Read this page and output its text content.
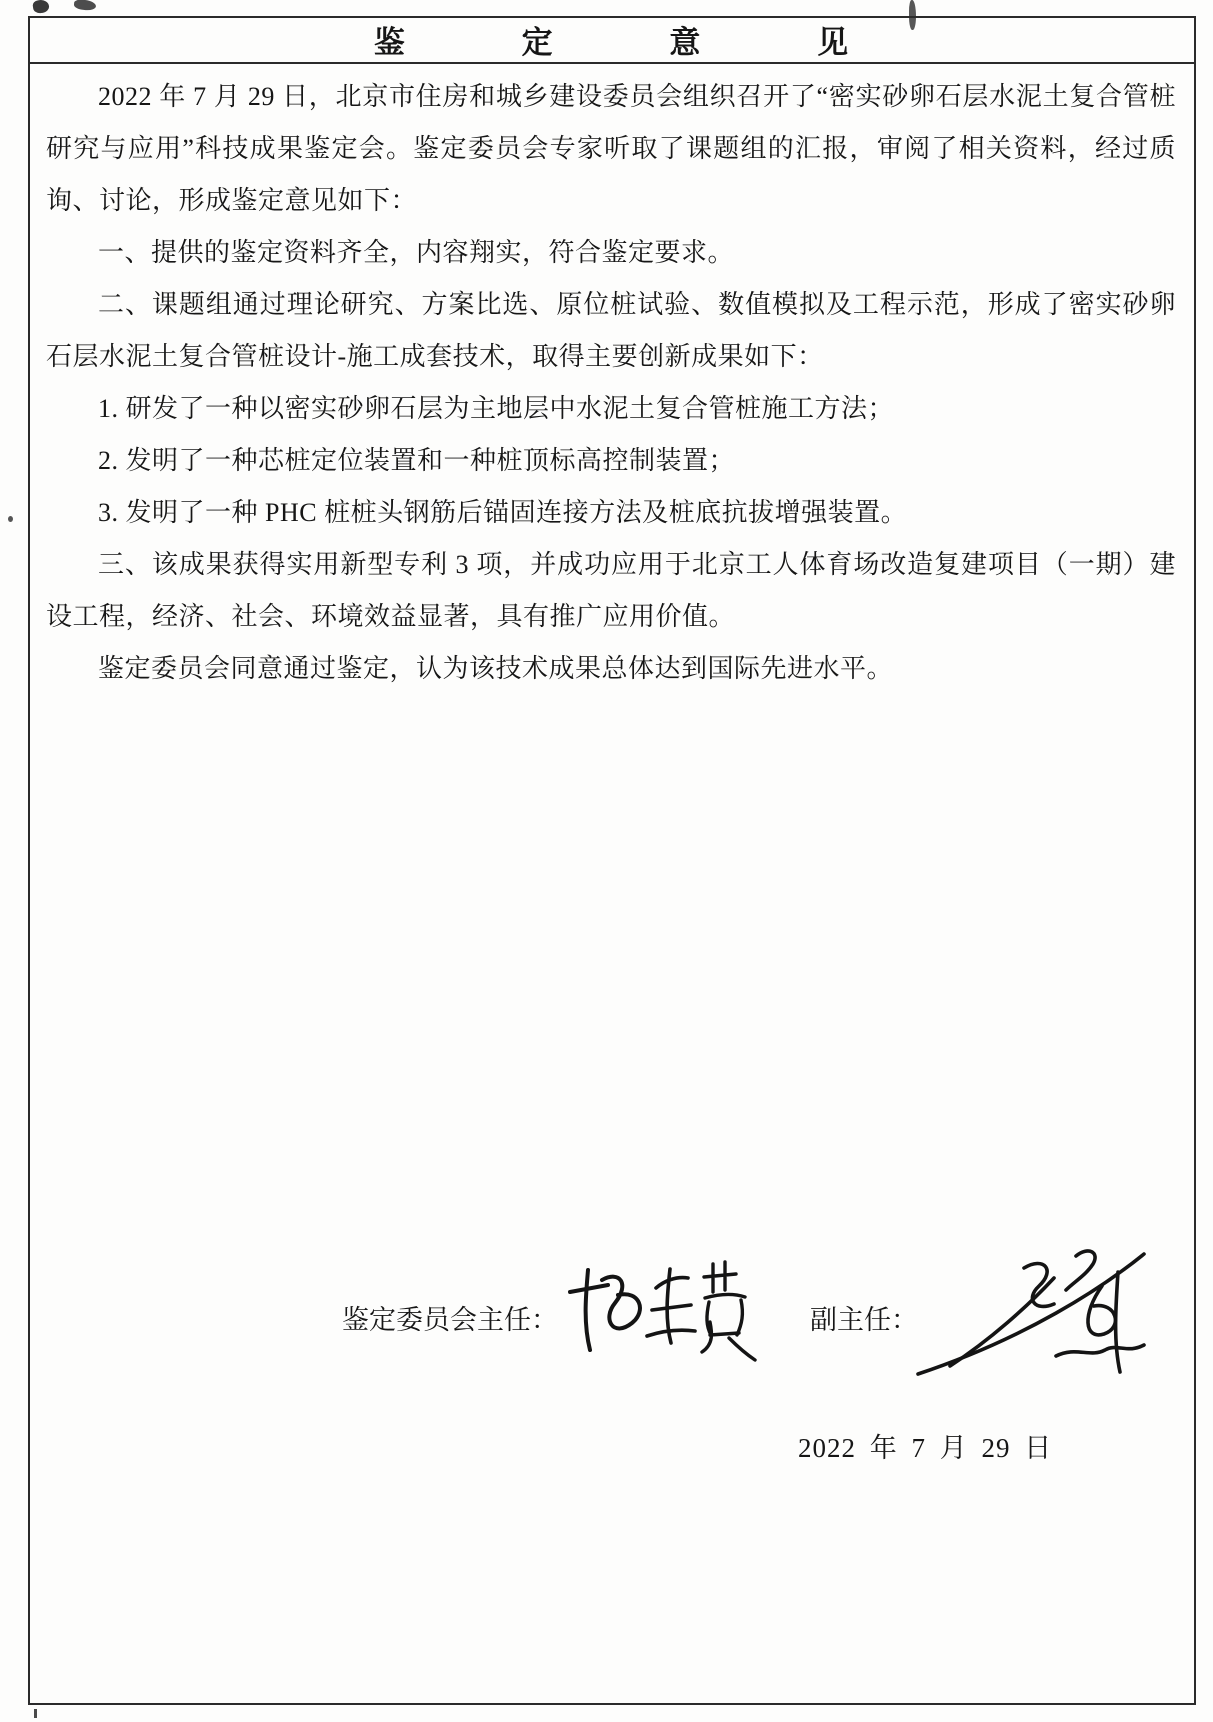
鉴 定 意 见

2022 年 7 月 29 日，北京市住房和城乡建设委员会组织召开了“密实砂卵石层水泥土复合管桩研究与应用”科技成果鉴定会。鉴定委员会专家听取了课题组的汇报，审阅了相关资料，经过质询、讨论，形成鉴定意见如下：

一、提供的鉴定资料齐全，内容翔实，符合鉴定要求。

二、课题组通过理论研究、方案比选、原位桩试验、数值模拟及工程示范，形成了密实砂卵石层水泥土复合管桩设计-施工成套技术，取得主要创新成果如下：

1. 研发了一种以密实砂卵石层为主地层中水泥土复合管桩施工方法；

2. 发明了一种芯桩定位装置和一种桩顶标高控制装置；

3. 发明了一种 PHC 桩桩头钢筋后锚固连接方法及桩底抗拔增强装置。

三、该成果获得实用新型专利 3 项，并成功应用于北京工人体育场改造复建项目（一期）建设工程，经济、社会、环境效益显著，具有推广应用价值。

鉴定委员会同意通过鉴定，认为该技术成果总体达到国际先进水平。

鉴定委员会主任：	副主任：
2022 年 7 月 29 日
